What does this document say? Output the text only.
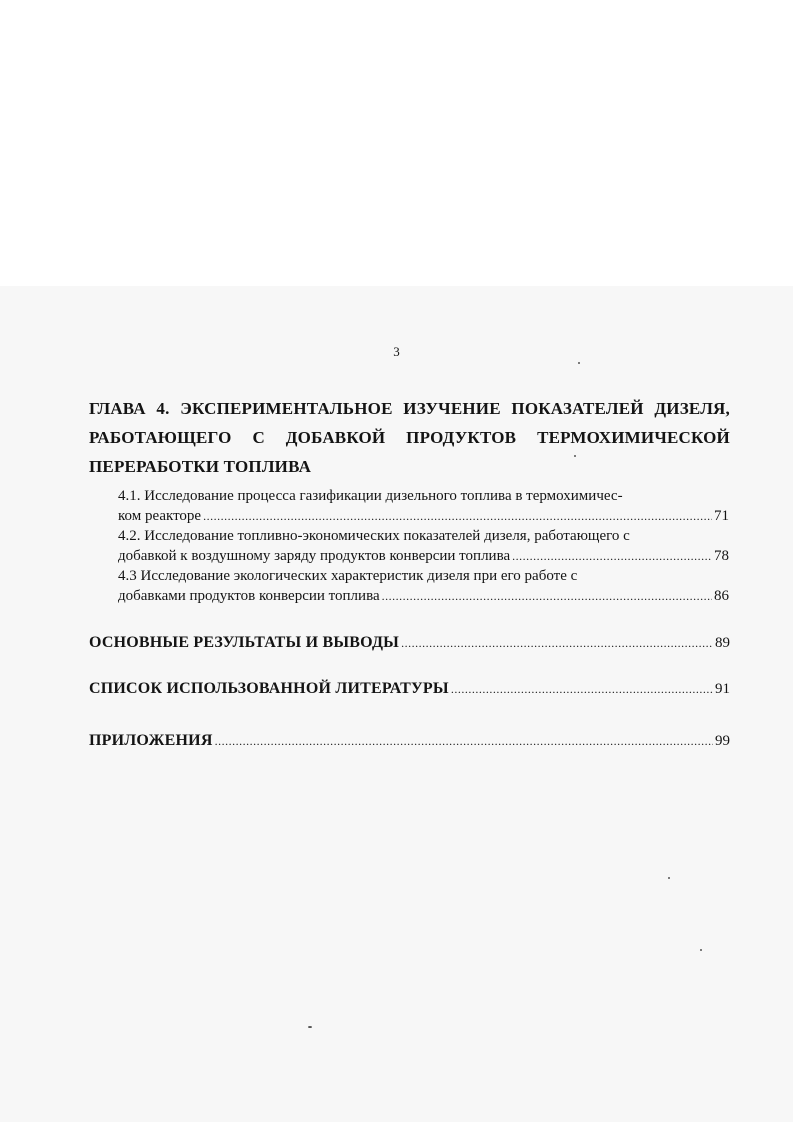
3
ГЛАВА 4. ЭКСПЕРИМЕНТАЛЬНОЕ ИЗУЧЕНИЕ ПОКАЗАТЕЛЕЙ ДИЗЕЛЯ, РАБОТАЮЩЕГО С ДОБАВКОЙ ПРОДУКТОВ ТЕРМОХИМИЧЕСКОЙ ПЕРЕРАБОТКИ ТОПЛИВА
4.1. Исследование процесса газификации дизельного топлива в термохимичес-
ком реакторе .....	71
4.2. Исследование топливно-экономических показателей дизеля, работающего с
добавкой к воздушному заряду продуктов конверсии топлива .....	78
4.3 Исследование экологических характеристик дизеля при его работе с
добавками продуктов конверсии топлива .....	86
ОСНОВНЫЕ РЕЗУЛЬТАТЫ И ВЫВОДЫ .....	89
СПИСОК ИСПОЛЬЗОВАННОЙ ЛИТЕРАТУРЫ .....	91
ПРИЛОЖЕНИЯ .....	99
